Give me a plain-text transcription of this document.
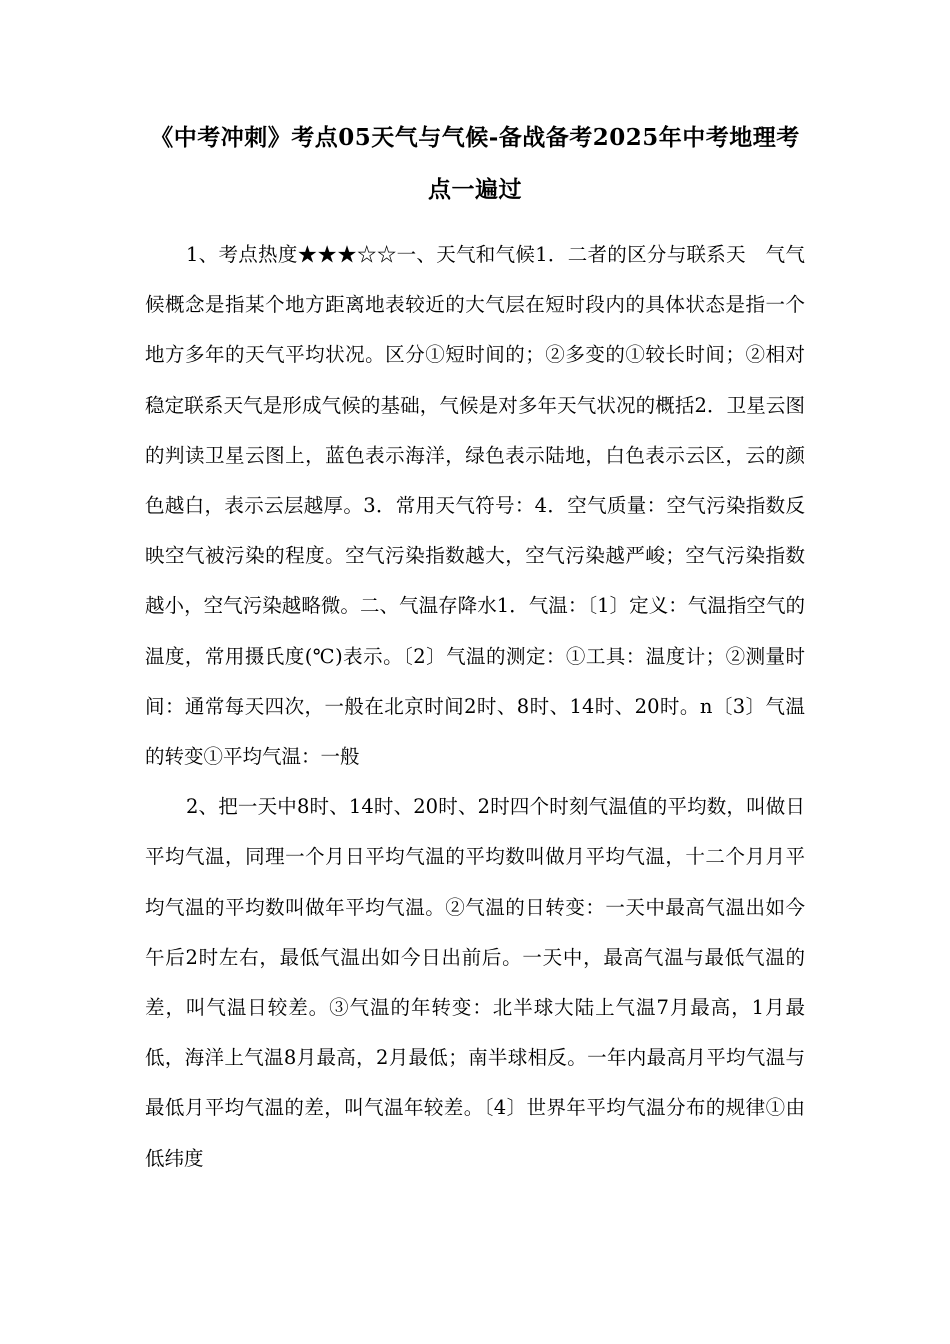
《中考冲刺》考点05天气与气候-备战备考2025年中考地理考点一遍过

1、考点热度★★★☆☆一、天气和气候1．二者的区分与联系天　气气　候概念是指某个地方距离地表较近的大气层在短时段内的具体状态是指一个地方多年的天气平均状况。区分①短时间的；②多变的①较长时间；②相对稳定联系天气是形成气候的基础，气候是对多年天气状况的概括2．卫星云图的判读卫星云图上，蓝色表示海洋，绿色表示陆地，白色表示云区，云的颜色越白，表示云层越厚。3．常用天气符号：4．空气质量：空气污染指数反映空气被污染的程度。空气污染指数越大，空气污染越严峻；空气污染指数越小，空气污染越略微。二、气温存降水1．气温：〔1〕定义：气温指空气的温度，常用摄氏度(℃)表示。〔2〕气温的测定：①工具：温度计；②测量时间：通常每天四次，一般在北京时间2时、8时、14时、20时。n〔3〕气温的转变①平均气温：一般

2、把一天中8时、14时、20时、2时四个时刻气温值的平均数，叫做日平均气温，同理一个月日平均气温的平均数叫做月平均气温，十二个月月平均气温的平均数叫做年平均气温。②气温的日转变：一天中最高气温出如今午后2时左右，最低气温出如今日出前后。一天中，最高气温与最低气温的差，叫气温日较差。③气温的年转变：北半球大陆上气温7月最高，1月最低，海洋上气温8月最高，2月最低；南半球相反。一年内最高月平均气温与最低月平均气温的差，叫气温年较差。〔4〕世界年平均气温分布的规律①由低纬度
